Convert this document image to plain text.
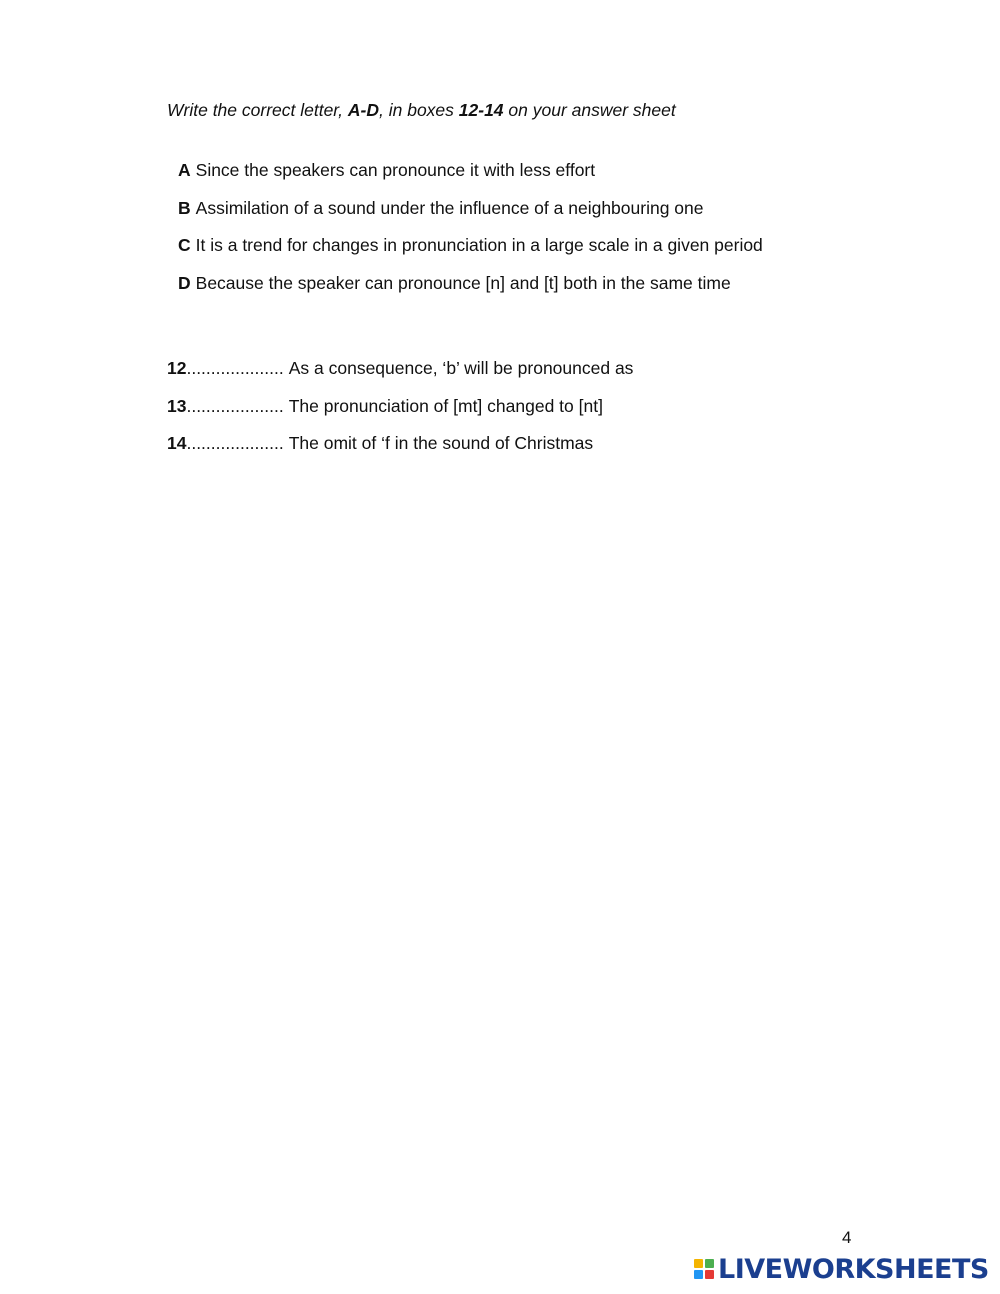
Write the correct letter, A-D, in boxes 12-14 on your answer sheet
A Since the speakers can pronounce it with less effort
B Assimilation of a sound under the influence of a neighbouring one
C It is a trend for changes in pronunciation in a large scale in a given period
D Because the speaker can pronounce [n] and [t] both in the same time
12.................... As a consequence, ‘b’ will be pronounced as
13.................... The pronunciation of [mt] changed to [nt]
14.................... The omit of ‘f in the sound of Christmas
4
LIVEWORKSHEETS
